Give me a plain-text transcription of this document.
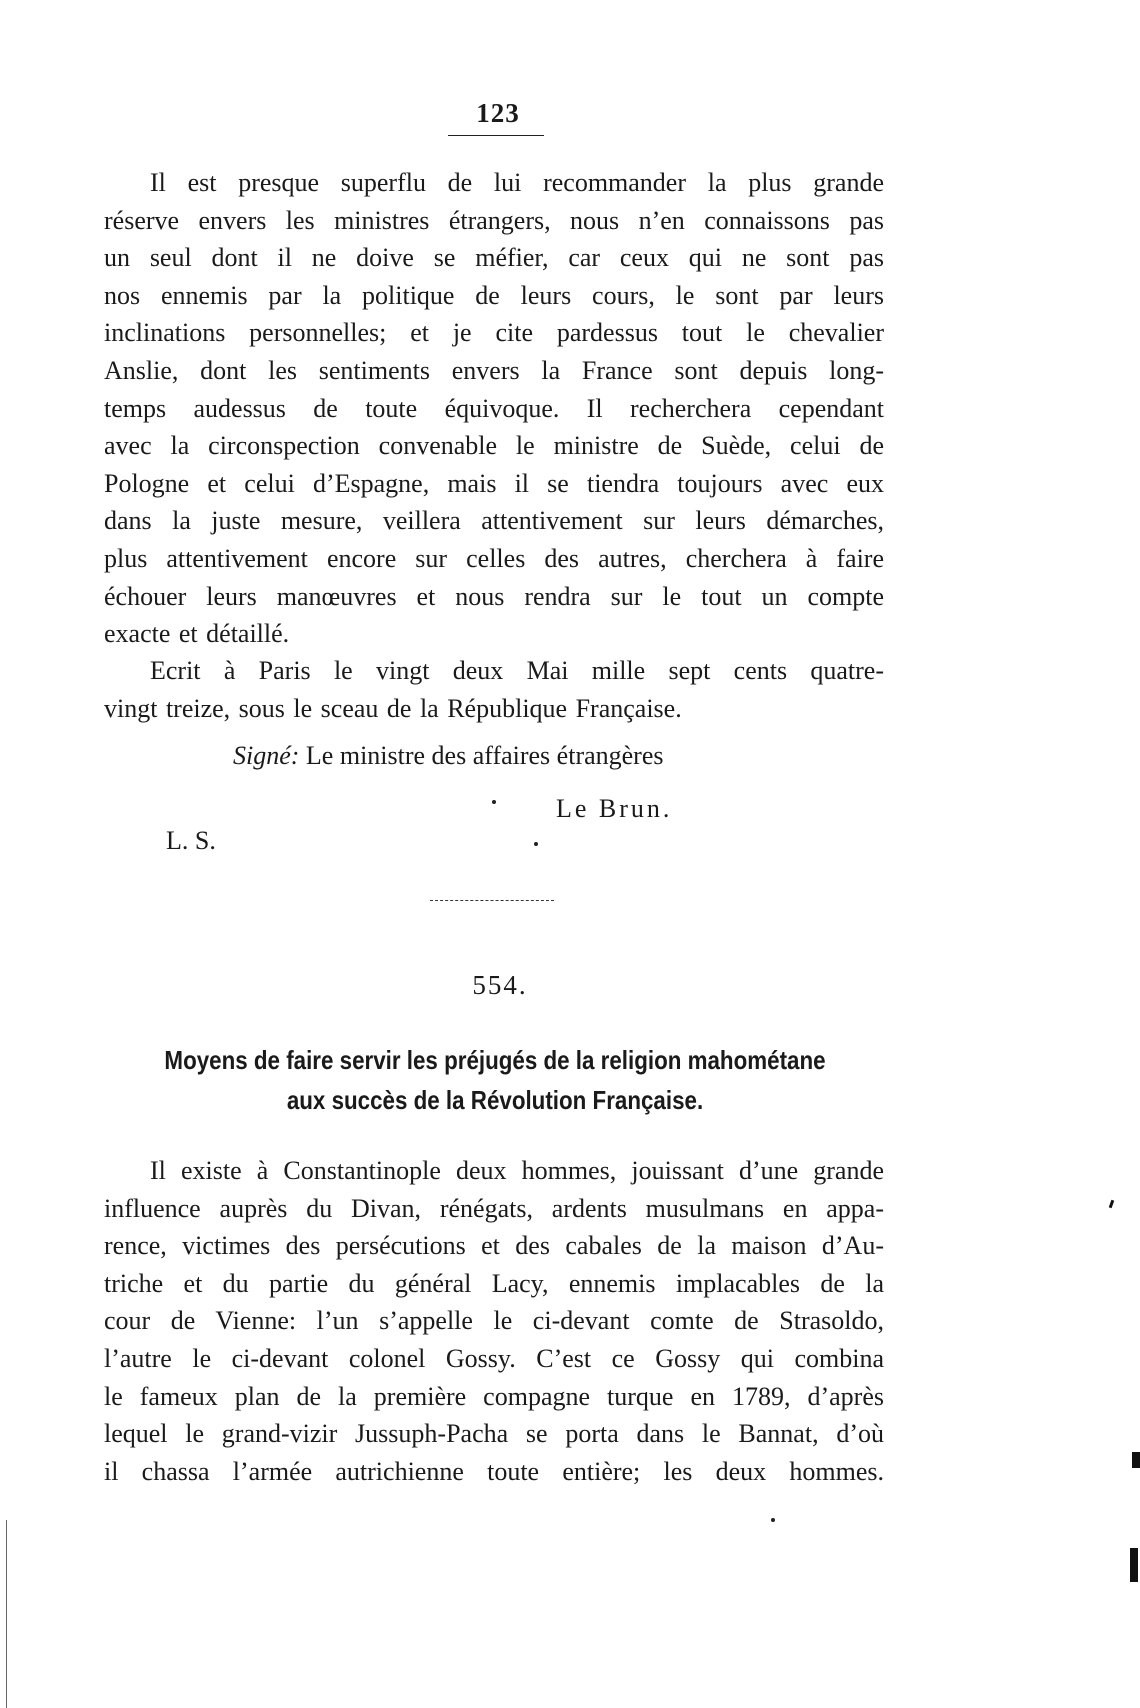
123
Il est presque superflu de lui recommander la plus grande
réserve envers les ministres étrangers, nous n’en connaissons pas
un seul dont il ne doive se méfier, car ceux qui ne sont pas
nos ennemis par la politique de leurs cours, le sont par leurs
inclinations personnelles; et je cite pardessus tout le chevalier
Anslie, dont les sentiments envers la France sont depuis long-
temps audessus de toute équivoque. Il recherchera cependant
avec la circonspection convenable le ministre de Suède, celui de
Pologne et celui d’Espagne, mais il se tiendra toujours avec eux
dans la juste mesure, veillera attentivement sur leurs démarches,
plus attentivement encore sur celles des autres, cherchera à faire
échouer leurs manœuvres et nous rendra sur le tout un compte
exacte et détaillé.
Ecrit à Paris le vingt deux Mai mille sept cents quatre-
vingt treize, sous le sceau de la République Française.
Signé: Le ministre des affaires étrangères
Le Brun.
L. S.
554.
Moyens de faire servir les préjugés de la religion mahométane
aux succès de la Révolution Française.
Il existe à Constantinople deux hommes, jouissant d’une grande
influence auprès du Divan, rénégats, ardents musulmans en appa-
rence, victimes des persécutions et des cabales de la maison d’Au-
triche et du partie du général Lacy, ennemis implacables de la
cour de Vienne: l’un s’appelle le ci-devant comte de Strasoldo,
l’autre le ci-devant colonel Gossy. C’est ce Gossy qui combina
le fameux plan de la première compagne turque en 1789, d’après
lequel le grand-vizir Jussuph-Pacha se porta dans le Bannat, d’où
il chassa l’armée autrichienne toute entière; les deux hommes.
